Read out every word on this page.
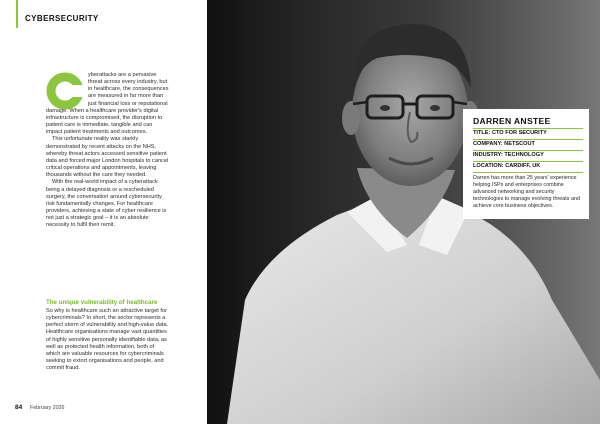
CYBERSECURITY

yberattacks are a pervasive threat across every industry, but in healthcare, the consequences are measured in far more than just financial loss or reputational damage. When a healthcare provider's digital infrastructure is compromised, the disruption to patient care is immediate, tangible and can impact patient treatments and outcomes.

This unfortunate reality was starkly demonstrated by recent attacks on the NHS, whereby threat actors accessed sensitive patient data and forced major London hospitals to cancel critical operations and appointments, leaving thousands without the care they needed.

With the real-world impact of a cyberattack being a delayed diagnosis or a rescheduled surgery, the conversation around cybersecurity risk fundamentally changes. For healthcare providers, achieving a state of cyber resilience is not just a strategic goal – it is an absolute necessity to fulfil their remit.

The unique vulnerability of healthcare

So why is healthcare such an attractive target for cybercriminals? In short, the sector represents a perfect storm of vulnerability and high-value data. Healthcare organisations manage vast quantities of highly sensitive personally identifiable data, as well as protected health information, both of which are valuable resources for cybercriminals seeking to extort organisations and people, and commit fraud.

84 February 2026
DARREN ANSTEE
TITLE: CTO FOR SECURITY
COMPANY: NETSCOUT
INDUSTRY: TECHNOLOGY
LOCATION: CARDIFF, UK

Darren has more than 25 years' experience helping ISPs and enterprises combine advanced networking and security technologies to manage evolving threats and achieve core business objectives.
